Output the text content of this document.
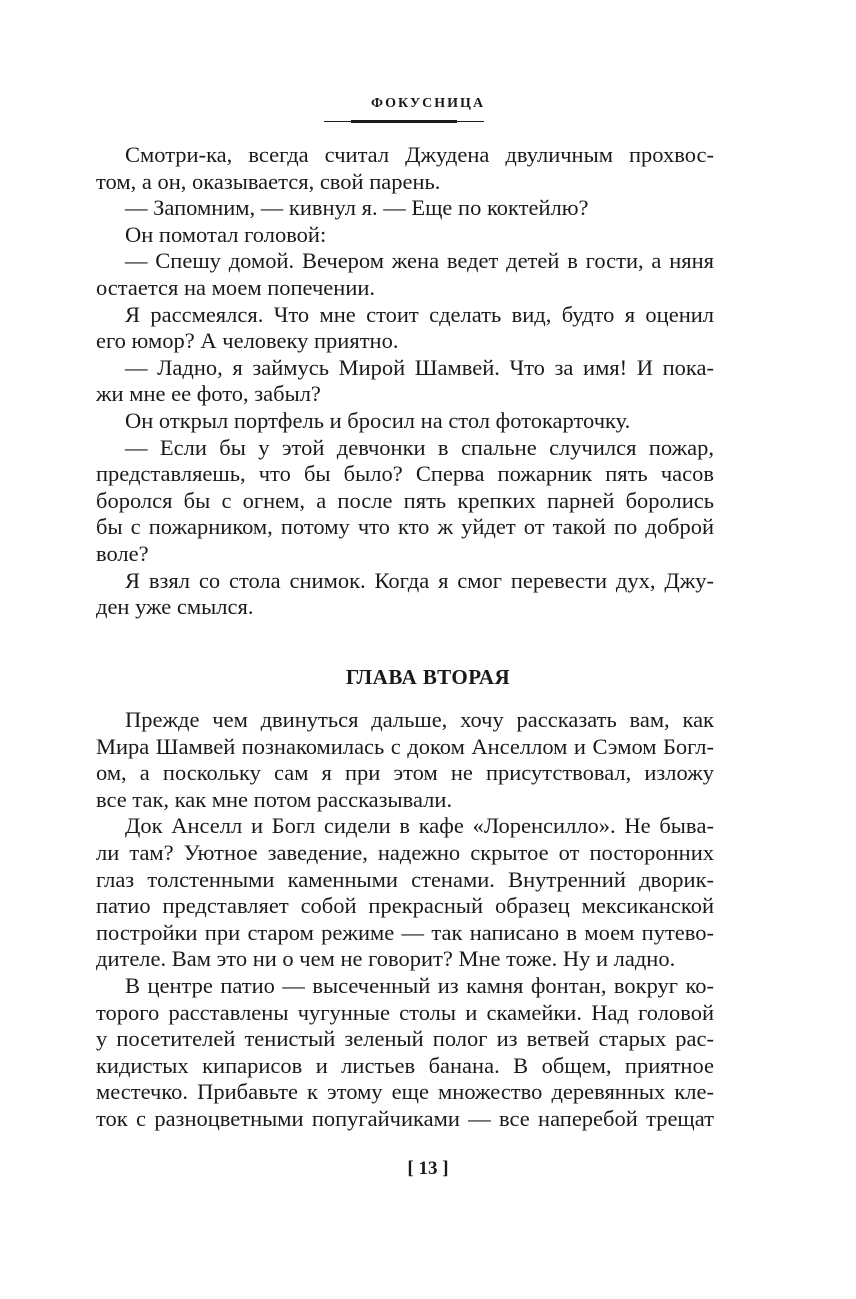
ФОКУСНИЦА
Смотри-ка, всегда считал Джудена двуличным прохвос-
том, а он, оказывается, свой парень.
— Запомним, — кивнул я. — Еще по коктейлю?
Он помотал головой:
— Спешу домой. Вечером жена ведет детей в гости, а няня
остается на моем попечении.
Я рассмеялся. Что мне стоит сделать вид, будто я оценил
его юмор? А человеку приятно.
— Ладно, я займусь Мирой Шамвей. Что за имя! И пока-
жи мне ее фото, забыл?
Он открыл портфель и бросил на стол фотокарточку.
— Если бы у этой девчонки в спальне случился пожар,
представляешь, что бы было? Сперва пожарник пять часов
боролся бы с огнем, а после пять крепких парней боролись
бы с пожарником, потому что кто ж уйдет от такой по доброй
воле?
Я взял со стола снимок. Когда я смог перевести дух, Джу-
ден уже смылся.
ГЛАВА ВТОРАЯ
Прежде чем двинуться дальше, хочу рассказать вам, как
Мира Шамвей познакомилась с доком Анселлом и Сэмом Богл-
ом, а поскольку сам я при этом не присутствовал, изложу
все так, как мне потом рассказывали.
Док Анселл и Богл сидели в кафе «Лоренсилло». Не бывa-
ли там? Уютное заведение, надежно скрытое от посторонних
глаз толстенными каменными стенами. Внутренний дворик-
патио представляет собой прекрасный образец мексиканской
постройки при старом режиме — так написано в моем путево-
дителе. Вам это ни о чем не говорит? Мне тоже. Ну и ладно.
В центре патио — высеченный из камня фонтан, вокруг ко-
торого расставлены чугунные столы и скамейки. Над головой
у посетителей тенистый зеленый полог из ветвей старых рас-
кидистых кипарисов и листьев банана. В общем, приятное
местечко. Прибавьте к этому еще множество деревянных кле-
ток с разноцветными попугайчиками — все наперебой трещат
[ 13 ]
